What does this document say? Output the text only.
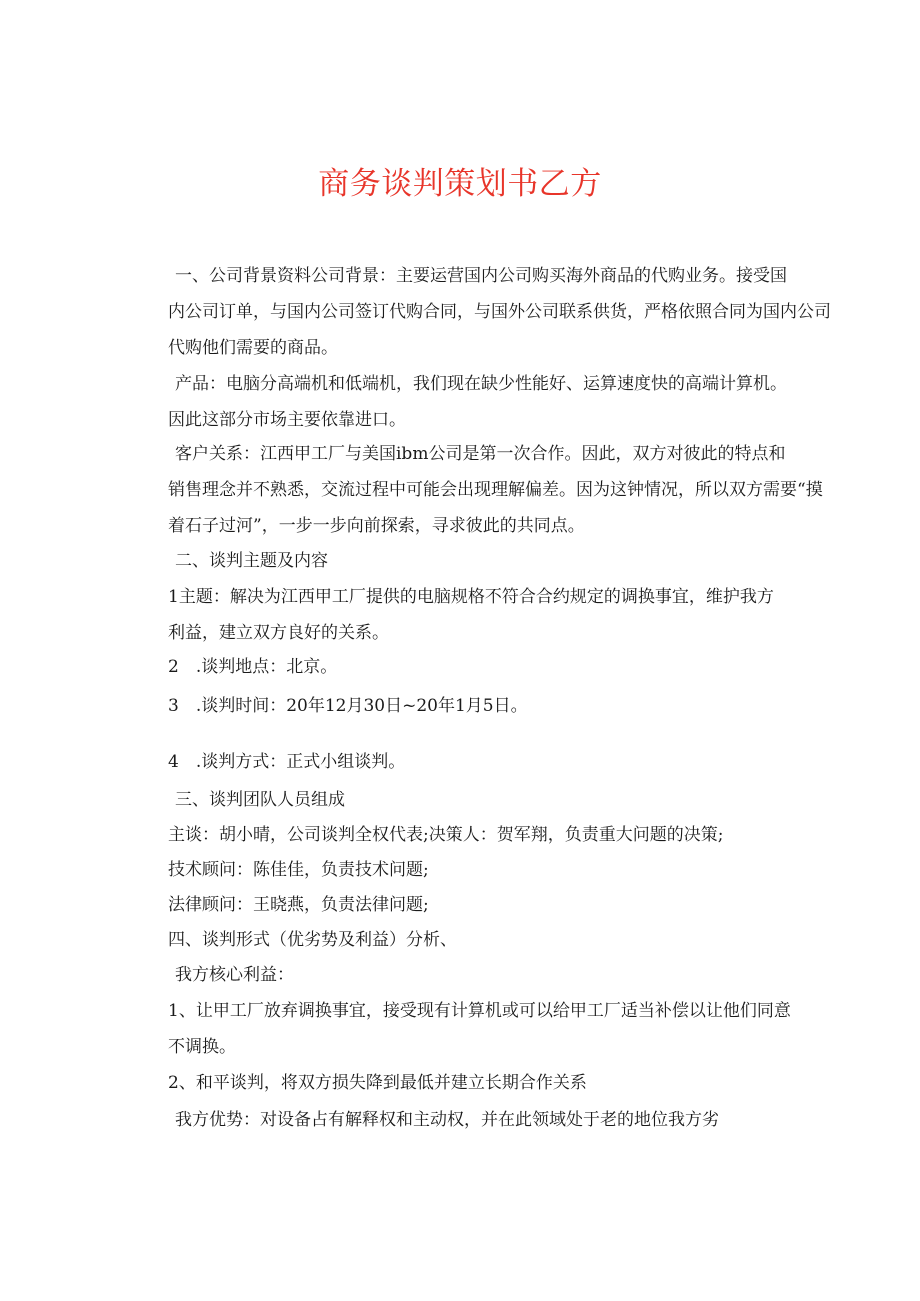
商务谈判策划书乙方
一、公司背景资料公司背景：主要运营国内公司购买海外商品的代购业务。接受国
内公司订单，与国内公司签订代购合同，与国外公司联系供货，严格依照合同为国内公司
代购他们需要的商品。
产品：电脑分高端机和低端机，我们现在缺少性能好、运算速度快的高端计算机。
因此这部分市场主要依靠进口。
客户关系：江西甲工厂与美国ibm公司是第一次合作。因此，双方对彼此的特点和
销售理念并不熟悉，交流过程中可能会出现理解偏差。因为这钟情况，所以双方需要“摸
着石子过河”，一步一步向前探索，寻求彼此的共同点。
二、谈判主题及内容
1主题：解决为江西甲工厂提供的电脑规格不符合合约规定的调换事宜，维护我方
利益，建立双方良好的关系。
2　.谈判地点：北京。
3　.谈判时间：20年12月30日~20年1月5日。
4　.谈判方式：正式小组谈判。
三、谈判团队人员组成
主谈：胡小晴，公司谈判全权代表;决策人：贺军翔，负责重大问题的决策;
技术顾问：陈佳佳，负责技术问题;
法律顾问：王晓燕，负责法律问题;
四、谈判形式（优劣势及利益）分析、
我方核心利益：
1、让甲工厂放弃调换事宜，接受现有计算机或可以给甲工厂适当补偿以让他们同意
不调换。
2、和平谈判，将双方损失降到最低并建立长期合作关系
我方优势：对设备占有解释权和主动权，并在此领域处于老的地位我方劣
